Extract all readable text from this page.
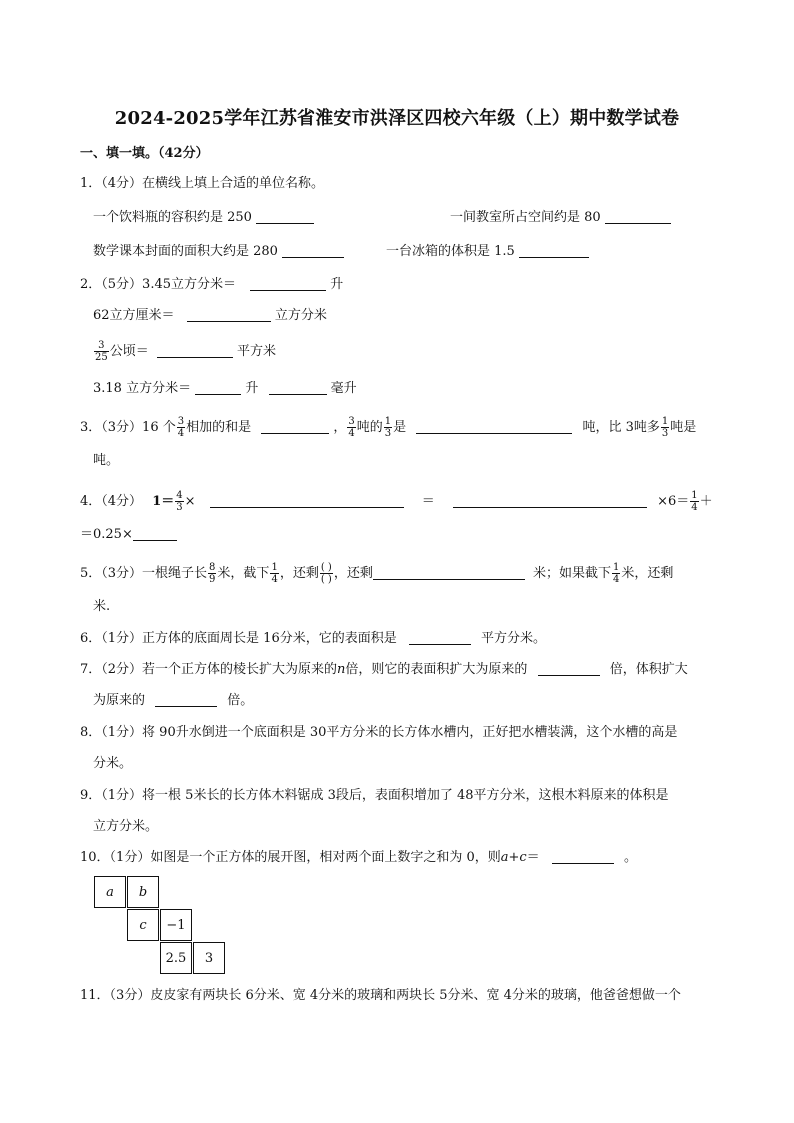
2024-2025学年江苏省淮安市洪泽区四校六年级（上）期中数学试卷
一、填一填。（42分）
1．（4分）在横线上填上合适的单位名称。
一个饮料瓶的容积约是 250	一间教室所占空间约是 80
数学课本封面的面积大约是 280	一台冰箱的体积是 1.5
2．（5分）3.45立方分米＝	升
62立方厘米＝	立方分米
$\frac{3}{25}$ 公顷＝	平方米
3.18 立方分米＝	升	毫升
3．（3分）16 个 $\frac{3}{4}$ 相加的和是	， $\frac{3}{4}$ 吨的 $\frac{1}{3}$ 是	吨，比 3吨多 $\frac{1}{3}$ 吨是
吨。
4．（4分） $1= \frac{4}{3}$ ×	＝	$\times 6= \frac{1}{4}$ ＋
＝0.25×
5．（3分）一根绳子长 $\frac{8}{9}$ 米，截下 $\frac{1}{4}$ ，还剩 $\frac{( )}{( )}$ ，还剩	米；如果截下 $\frac{1}{4}$ 米，还剩
米.
6．（1分）正方体的底面周长是 16分米，它的表面积是	平方分米。
7．（2分）若一个正方体的棱长扩大为原来的n倍，则它的表面积扩大为原来的	倍，体积扩大
为原来的	倍。
8．（1分）将 90升水倒进一个底面积是 30平方分米的长方体水槽内，正好把水槽装满，这个水槽的高是
分米。
9．（1分）将一根 5米长的长方体木料锯成 3段后，表面积增加了 48平方分米，这根木料原来的体积是
立方分米。
10．（1分）如图是一个正方体的展开图，相对两个面上数字之和为 0，则a+c＝	。
a	b
c	−1
2.5	3
11．（3分）皮皮家有两块长 6分米、宽 4分米的玻璃和两块长 5分米、宽 4分米的玻璃，他爸爸想做一个
